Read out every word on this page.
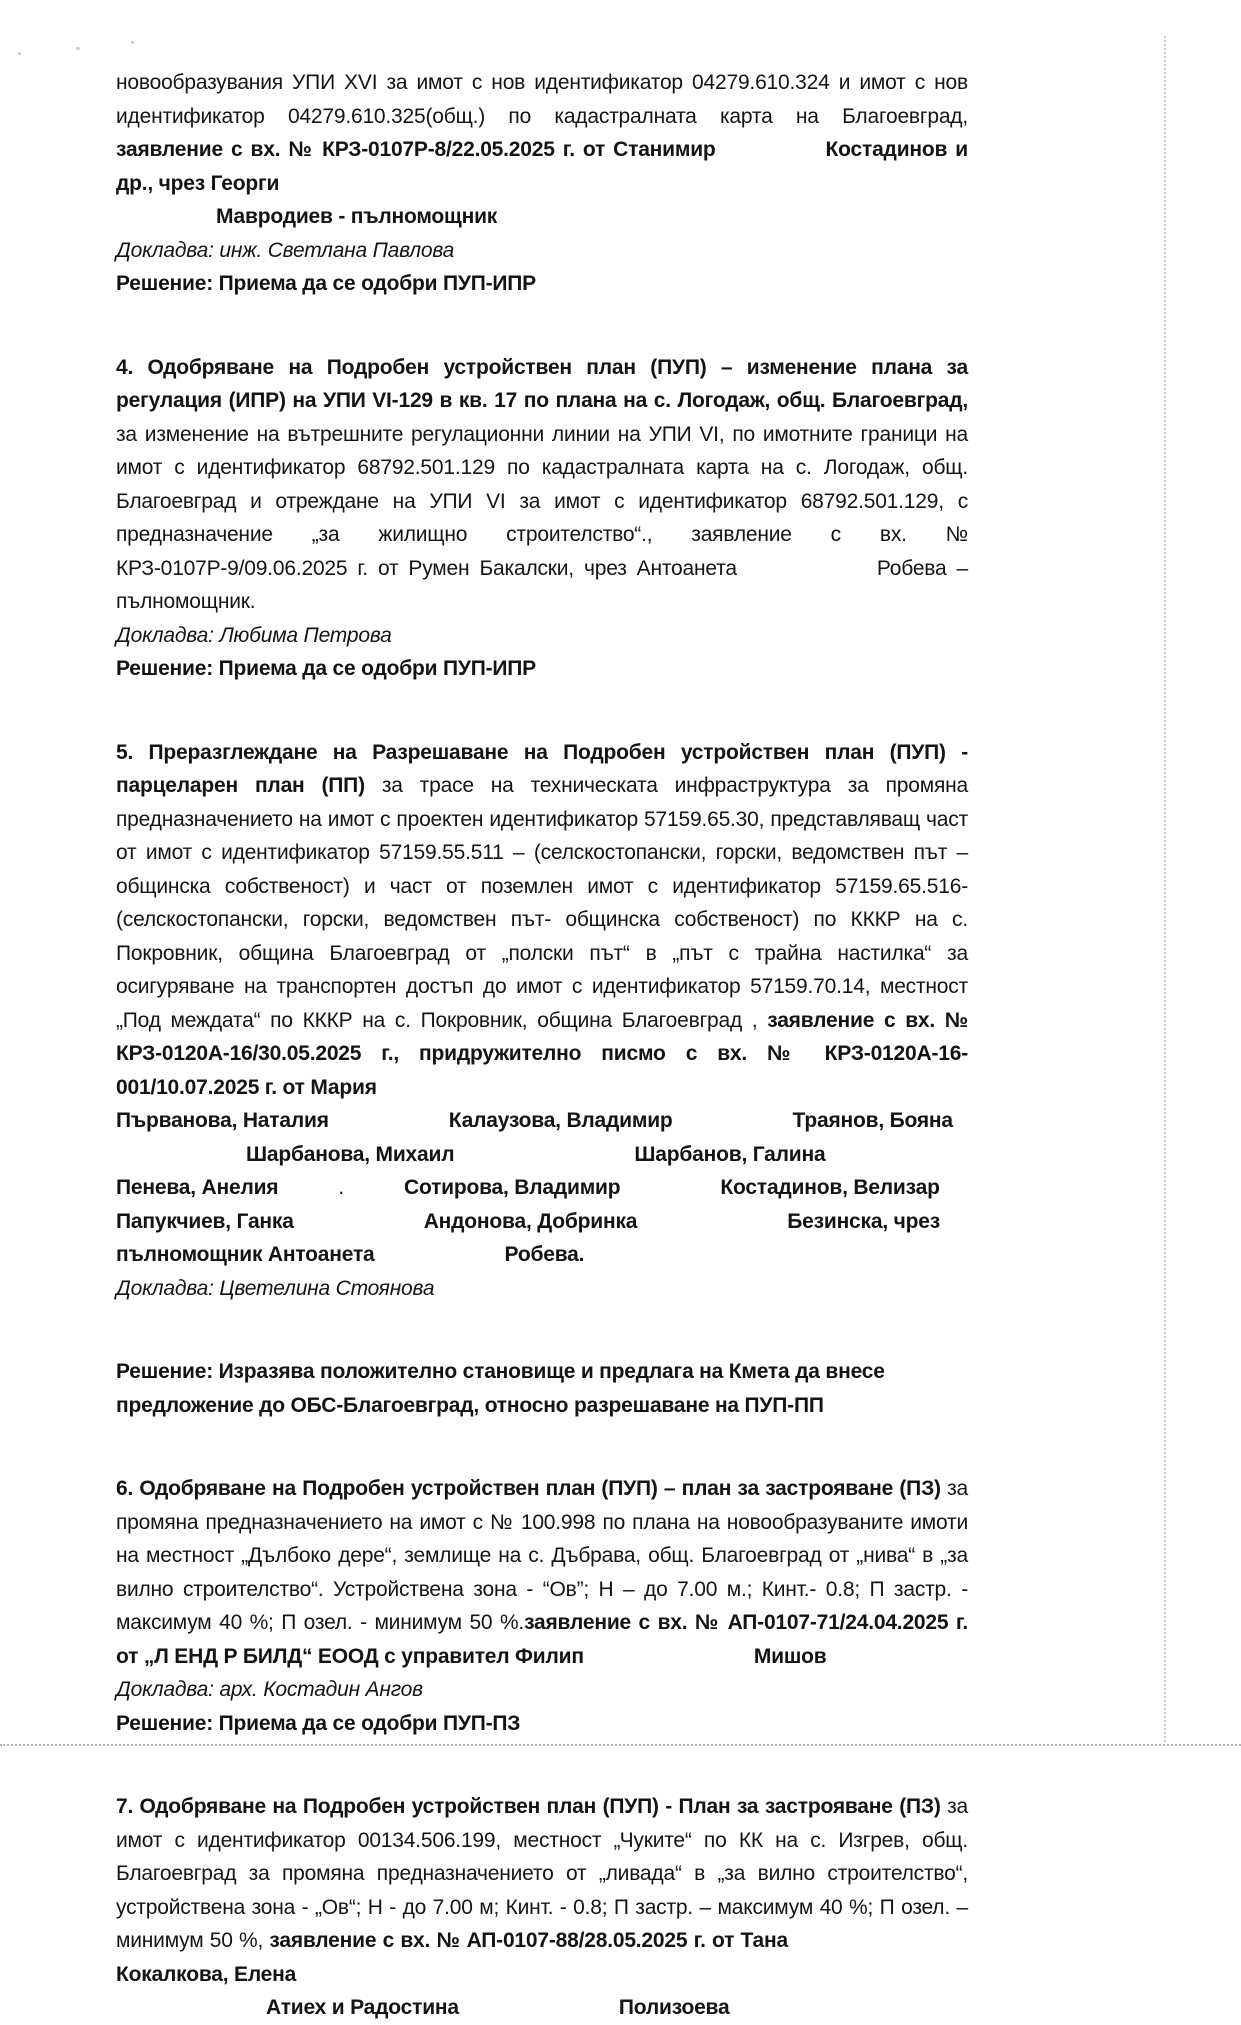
новообразувания УПИ XVI за имот с нов идентификатор 04279.610.324 и имот с нов идентификатор 04279.610.325(общ.) по кадастралната карта на Благоевград, заявление с вх. № КРЗ-0107Р-8/22.05.2025 г. от Станимир	Костадинов и др., чрез Георги
Мавродиев - пълномощник

Докладва: инж. Светлана Павлова

Решение: Приема да се одобри ПУП-ИПР

4. Одобряване на Подробен устройствен план (ПУП) – изменение плана за регулация (ИПР) на УПИ VI-129 в кв. 17 по плана на с. Логодаж, общ. Благоевград, за изменение на вътрешните регулационни линии на УПИ VI, по имотните граници на имот с идентификатор 68792.501.129 по кадастралната карта на с. Логодаж, общ. Благоевград и отреждане на УПИ VI за имот с идентификатор 68792.501.129, с предназначение „за жилищно строителство“., заявление с вх. № КРЗ-0107Р-9/09.06.2025 г. от Румен Бакалски, чрез Антоанета	Робева – пълномощник.

Докладва: Любима Петрова

Решение: Приема да се одобри ПУП-ИПР

5. Преразглеждане на Разрешаване на Подробен устройствен план (ПУП) - парцеларен план (ПП) за трасе на техническата инфраструктура за промяна предназначението на имот с проектен идентификатор 57159.65.30, представляващ част от имот с идентификатор 57159.55.511 – (селскостопански, горски, ведомствен път – общинска собственост) и част от поземлен имот с идентификатор 57159.65.516- (селскостопански, горски, ведомствен път- общинска собственост) по КККР на с. Покровник, община Благоевград от „полски път“ в „път с трайна настилка“ за осигуряване на транспортен достъп до имот с идентификатор 57159.70.14, местност „Под междата“ по КККР на с. Покровник, община Благоевград , заявление с вх. № КРЗ-0120А-16/30.05.2025 г., придружително писмо с вх. № КРЗ-0120А-16-001/10.07.2025 г. от Мария
Първанова, Наталия	Калаузова, Владимир	Траянов, Бояна
Шарбанова, Михаил	Шарбанов, Галина
Пенева, Анелия	.	Сотирова, Владимир	Костадинов, Велизар
Папукчиев, Ганка	Андонова, Добринка	Безинска, чрез
пълномощник Антоанета	Робева.

Докладва: Цветелина Стоянова

Решение: Изразява положително становище и предлага на Кмета да внесе
предложение до ОБС-Благоевград, относно разрешаване на ПУП-ПП

6. Одобряване на Подробен устройствен план (ПУП) – план за застрояване (ПЗ) за промяна предназначението на имот с № 100.998 по плана на новообразуваните имоти на местност „Дълбоко дере“, землище на с. Дъбрава, общ. Благоевград от „нива“ в „за вилно строителство“. Устройствена зона - “Ов”; Н – до 7.00 м.; Кинт.- 0.8; П застр. - максимум 40 %; П озел. - минимум 50 %.заявление с вх. № АП-0107-71/24.04.2025 г. от „Л ЕНД Р БИЛД“ ЕООД с управител Филип	Мишов

Докладва: арх. Костадин Ангов

Решение: Приема да се одобри ПУП-ПЗ

7. Одобряване на Подробен устройствен план (ПУП) - План за застрояване (ПЗ) за имот с идентификатор 00134.506.199, местност „Чуките“ по КК на с. Изгрев, общ. Благоевград за промяна предназначението от „ливада“ в „за вилно строителство“, устройствена зона - „Ов“; Н - до 7.00 м; Кинт. - 0.8; П застр. – максимум 40 %; П озел. – минимум 50 %, заявление с вх. № АП-0107-88/28.05.2025 г. от ТанаКокалкова, Елена
Атиех и Радостина	Полизоева
